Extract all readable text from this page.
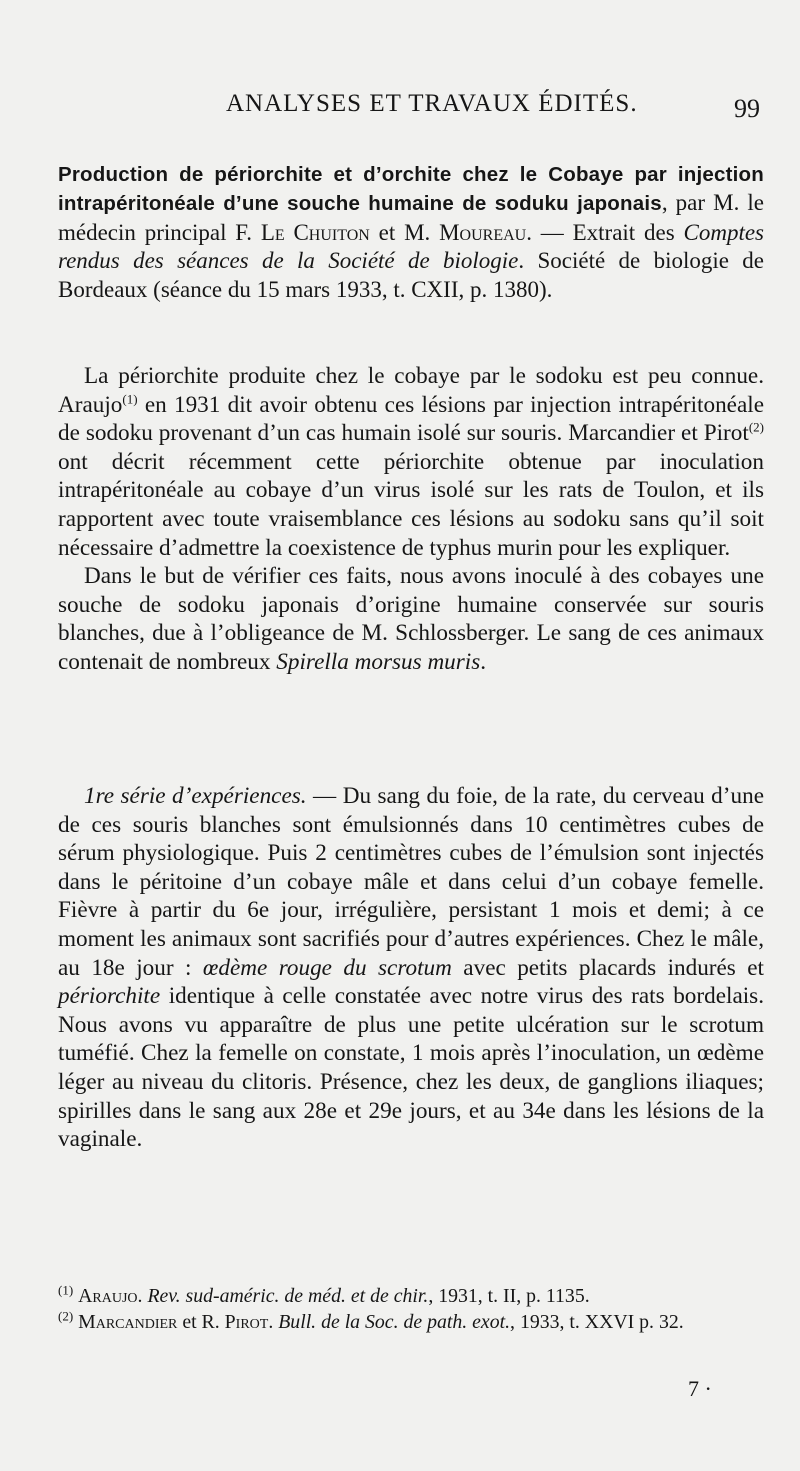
ANALYSES ET TRAVAUX ÉDITÉS.	99
Production de périorchite et d’orchite chez le Cobaye par injection intrapéritonéale d’une souche humaine de soduku japonais, par M. le médecin principal F. Le Chuiton et M. Moureau. — Extrait des Comptes rendus des séances de la Société de biologie. Société de biologie de Bordeaux (séance du 15 mars 1933, t. CXII, p. 1380).

La périorchite produite chez le cobaye par le sodoku est peu connue. Araujo$^{(1)}$ en 1931 dit avoir obtenu ces lésions par injection intrapéritonéale de sodoku provenant d’un cas humain isolé sur souris. Marcandier et Pirot$^{(2)}$ ont décrit récemment cette périorchite obtenue par inoculation intrapéritonéale au cobaye d’un virus isolé sur les rats de Toulon, et ils rapportent avec toute vraisemblance ces lésions au sodoku sans qu’il soit nécessaire d’admettre la coexistence de typhus murin pour les expliquer.

Dans le but de vérifier ces faits, nous avons inoculé à des cobayes une souche de sodoku japonais d’origine humaine conservée sur souris blanches, due à l’obligeance de M. Schlossberger. Le sang de ces animaux contenait de nombreux Spirella morsus muris.

1re série d’expériences. — Du sang du foie, de la rate, du cerveau d’une de ces souris blanches sont émulsionnés dans 10 centimètres cubes de sérum physiologique. Puis 2 centimètres cubes de l’émulsion sont injectés dans le péritoine d’un cobaye mâle et dans celui d’un cobaye femelle. Fièvre à partir du 6e jour, irrégulière, persistant 1 mois et demi; à ce moment les animaux sont sacrifiés pour d’autres expériences. Chez le mâle, au 18e jour : œdème rouge du scrotum avec petits placards indurés et périorchite identique à celle constatée avec notre virus des rats bordelais. Nous avons vu apparaître de plus une petite ulcération sur le scrotum tuméfié. Chez la femelle on constate, 1 mois après l’inoculation, un œdème léger au niveau du clitoris. Présence, chez les deux, de ganglions iliaques; spirilles dans le sang aux 28e et 29e jours, et au 34e dans les lésions de la vaginale.

$^{(1)}$ Araujo. Rev. sud-améric. de méd. et de chir., 1931, t. II, p. 1135.

$^{(2)}$ Marcandier et R. Pirot. Bull. de la Soc. de path. exot., 1933, t. XXVI p. 32.

7 ·
